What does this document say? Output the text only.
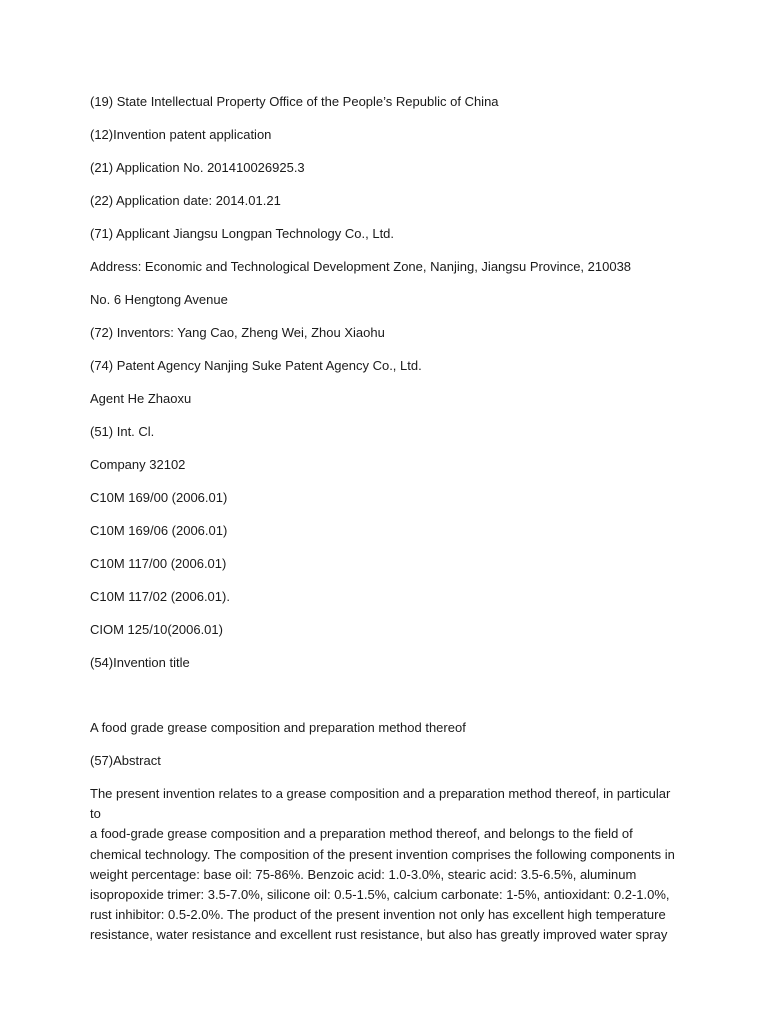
(19) State Intellectual Property Office of the People’s Republic of China
(12)Invention patent application
(21) Application No. 201410026925.3
(22) Application date: 2014.01.21
(71) Applicant Jiangsu Longpan Technology Co., Ltd.
Address: Economic and Technological Development Zone, Nanjing, Jiangsu Province, 210038
No. 6 Hengtong Avenue
(72) Inventors: Yang Cao, Zheng Wei, Zhou Xiaohu
(74) Patent Agency Nanjing Suke Patent Agency Co., Ltd.
Agent He Zhaoxu
(51) Int. Cl.
Company 32102
C10M 169/00 (2006.01)
C10M 169/06 (2006.01)
C10M 117/00 (2006.01)
C10M 117/02 (2006.01).
CIOM 125/10(2006.01)
(54)Invention title
A food grade grease composition and preparation method thereof
(57)Abstract
The present invention relates to a grease composition and a preparation method thereof, in particular to
a food-grade grease composition and a preparation method thereof, and belongs to the field of
chemical technology. The composition of the present invention comprises the following components in
weight percentage: base oil: 75-86%. Benzoic acid: 1.0-3.0%, stearic acid: 3.5-6.5%, aluminum
isopropoxide trimer: 3.5-7.0%, silicone oil: 0.5-1.5%, calcium carbonate: 1-5%, antioxidant: 0.2-1.0%,
rust inhibitor: 0.5-2.0%. The product of the present invention not only has excellent high temperature
resistance, water resistance and excellent rust resistance, but also has greatly improved water spray
